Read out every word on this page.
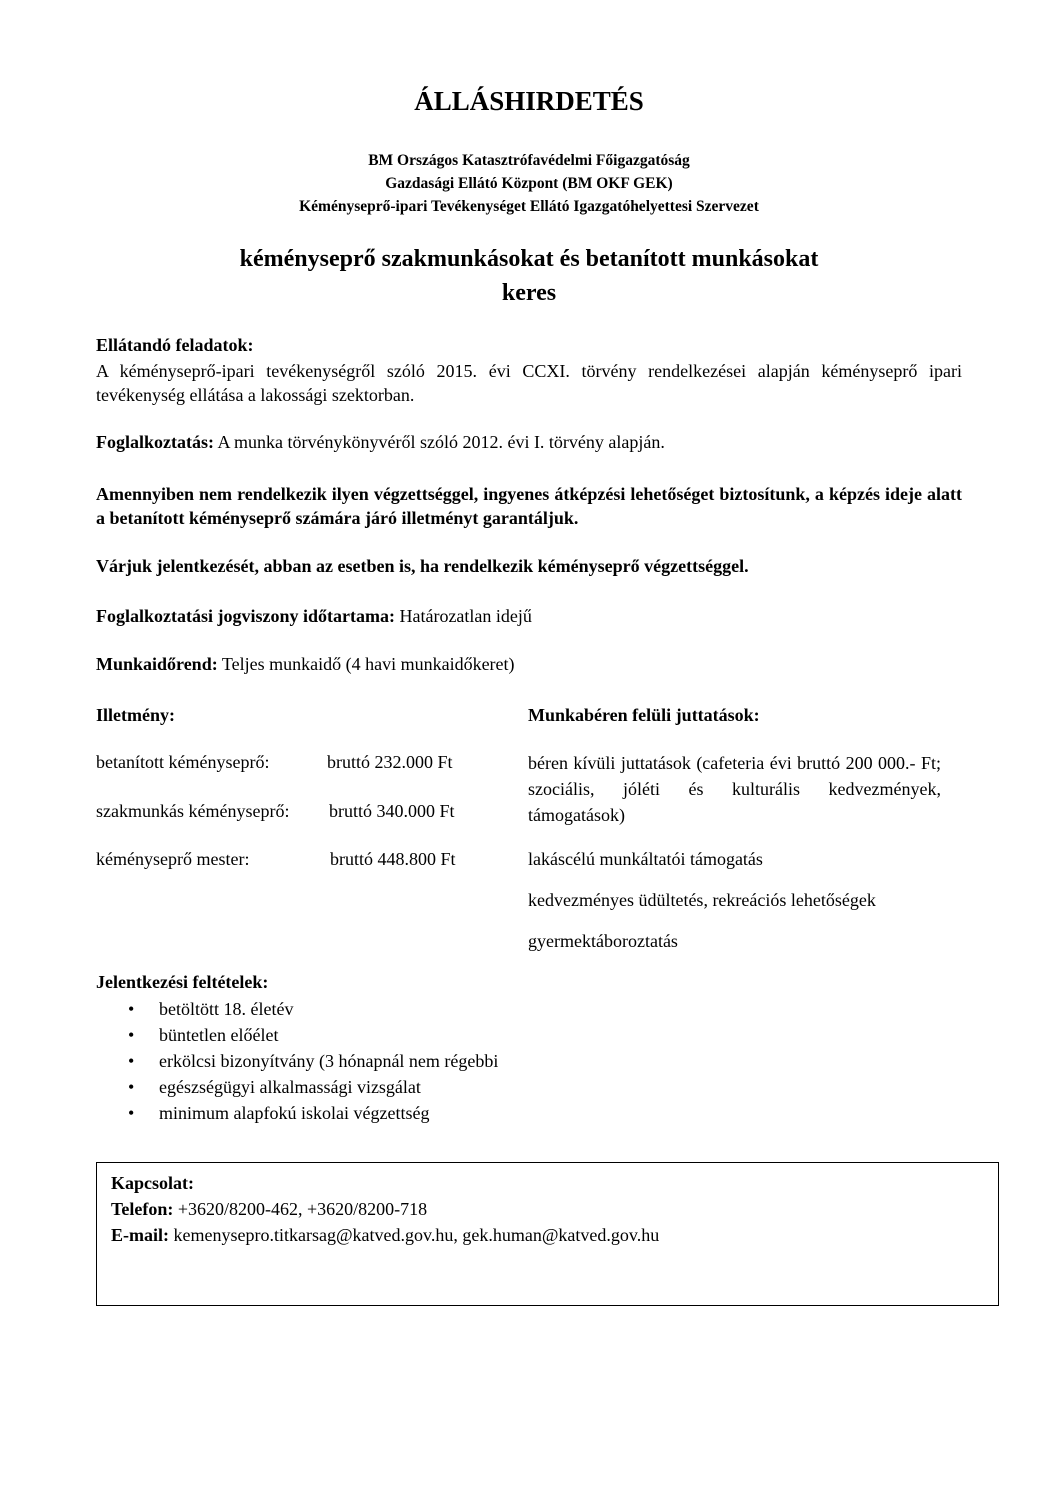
ÁLLÁSHIRDETÉS
BM Országos Katasztrófavédelmi Főigazgatóság
Gazdasági Ellátó Központ (BM OKF GEK)
Kéményseprő-ipari Tevékenységet Ellátó Igazgatóhelyettesi Szervezet
kéményseprő szakmunkásokat és betanított munkásokat
keres
Ellátandó feladatok:
A kéményseprő-ipari tevékenységről szóló 2015. évi CCXI. törvény rendelkezései alapján kéményseprő ipari tevékenység ellátása a lakossági szektorban.
Foglalkoztatás: A munka törvénykönyvéről szóló 2012. évi I. törvény alapján.
Amennyiben nem rendelkezik ilyen végzettséggel, ingyenes átképzési lehetőséget biztosítunk, a képzés ideje alatt a betanított kéményseprő számára járó illetményt garantáljuk.
Várjuk jelentkezését, abban az esetben is, ha rendelkezik kéményseprő végzettséggel.
Foglalkoztatási jogviszony időtartama: Határozatlan idejű
Munkaidőrend: Teljes munkaidő (4 havi munkaidőkeret)
Illetmény:
betanított kéményseprő:	bruttó 232.000 Ft
szakmunkás kéményseprő: bruttó 340.000 Ft
kéményseprő mester:	bruttó 448.800 Ft
Munkabéren felüli juttatások:
béren kívüli juttatások (cafeteria évi bruttó 200 000.- Ft; szociális, jóléti és kulturális kedvezmények, támogatások)
lakáscélú munkáltatói támogatás
kedvezményes üdültetés, rekreációs lehetőségek
gyermektáboroztatás
Jelentkezési feltételek:
• betöltött 18. életév
• büntetlen előélet
• erkölcsi bizonyítvány (3 hónapnál nem régebbi
• egészségügyi alkalmassági vizsgálat
• minimum alapfokú iskolai végzettség
Kapcsolat:
Telefon: +3620/8200-462, +3620/8200-718
E-mail: kemenysepro.titkarsag@katved.gov.hu, gek.human@katved.gov.hu
